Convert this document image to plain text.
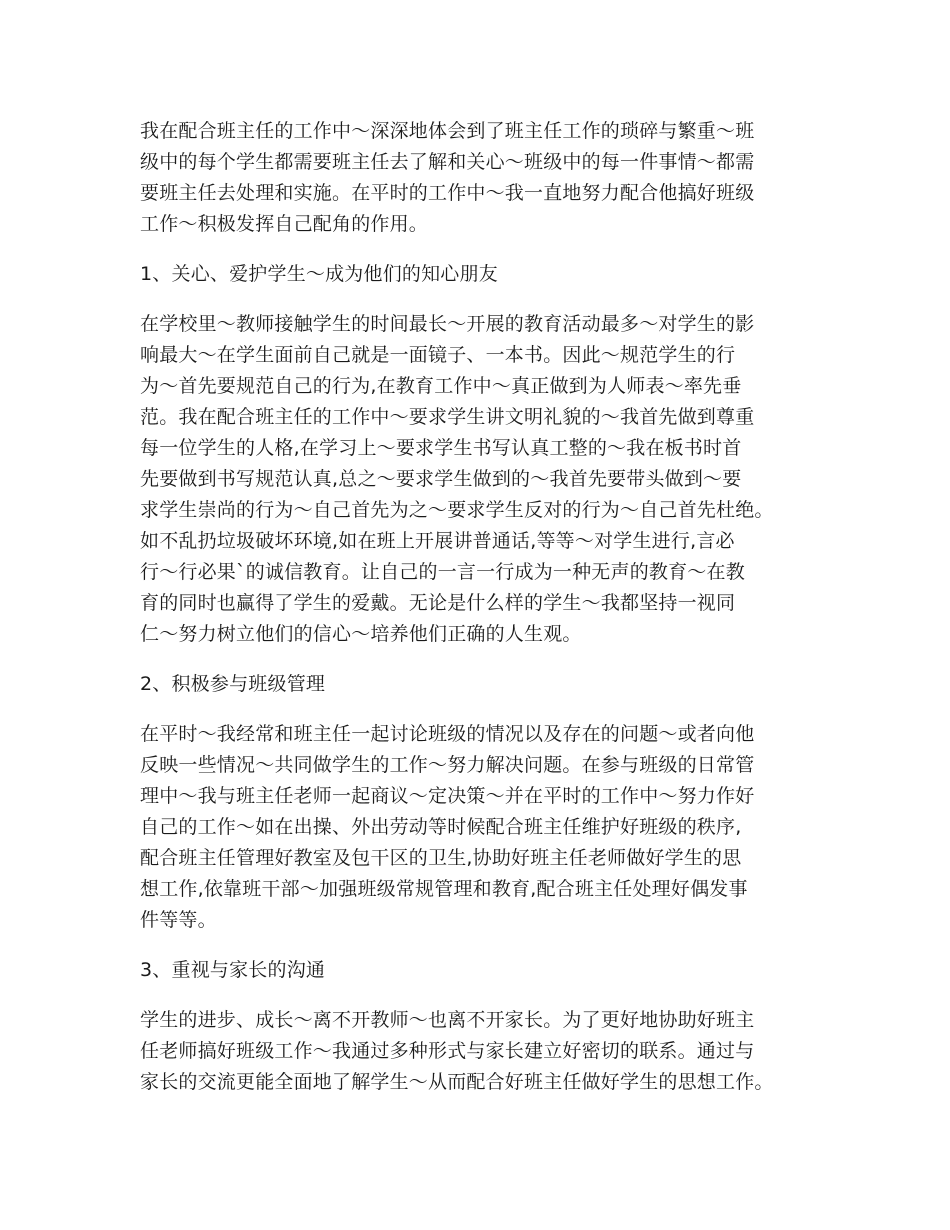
我在配合班主任的工作中～深深地体会到了班主任工作的琐碎与繁重～班
级中的每个学生都需要班主任去了解和关心～班级中的每一件事情～都需
要班主任去处理和实施。在平时的工作中～我一直地努力配合他搞好班级
工作～积极发挥自己配角的作用。
1、关心、爱护学生～成为他们的知心朋友
在学校里～教师接触学生的时间最长～开展的教育活动最多～对学生的影
响最大～在学生面前自己就是一面镜子、一本书。因此～规范学生的行
为～首先要规范自己的行为,在教育工作中～真正做到为人师表～率先垂
范。我在配合班主任的工作中～要求学生讲文明礼貌的～我首先做到尊重
每一位学生的人格,在学习上～要求学生书写认真工整的～我在板书时首
先要做到书写规范认真,总之～要求学生做到的～我首先要带头做到～要
求学生崇尚的行为～自己首先为之～要求学生反对的行为～自己首先杜绝。
如不乱扔垃圾破坏环境,如在班上开展讲普通话,等等～对学生进行,言必
行～行必果`的诚信教育。让自己的一言一行成为一种无声的教育～在教
育的同时也赢得了学生的爱戴。无论是什么样的学生～我都坚持一视同
仁～努力树立他们的信心～培养他们正确的人生观。
2、积极参与班级管理
在平时～我经常和班主任一起讨论班级的情况以及存在的问题～或者向他
反映一些情况～共同做学生的工作～努力解决问题。在参与班级的日常管
理中～我与班主任老师一起商议～定决策～并在平时的工作中～努力作好
自己的工作～如在出操、外出劳动等时候配合班主任维护好班级的秩序,
配合班主任管理好教室及包干区的卫生,协助好班主任老师做好学生的思
想工作,依靠班干部～加强班级常规管理和教育,配合班主任处理好偶发事
件等等。
3、重视与家长的沟通
学生的进步、成长～离不开教师～也离不开家长。为了更好地协助好班主
任老师搞好班级工作～我通过多种形式与家长建立好密切的联系。通过与
家长的交流更能全面地了解学生～从而配合好班主任做好学生的思想工作。
